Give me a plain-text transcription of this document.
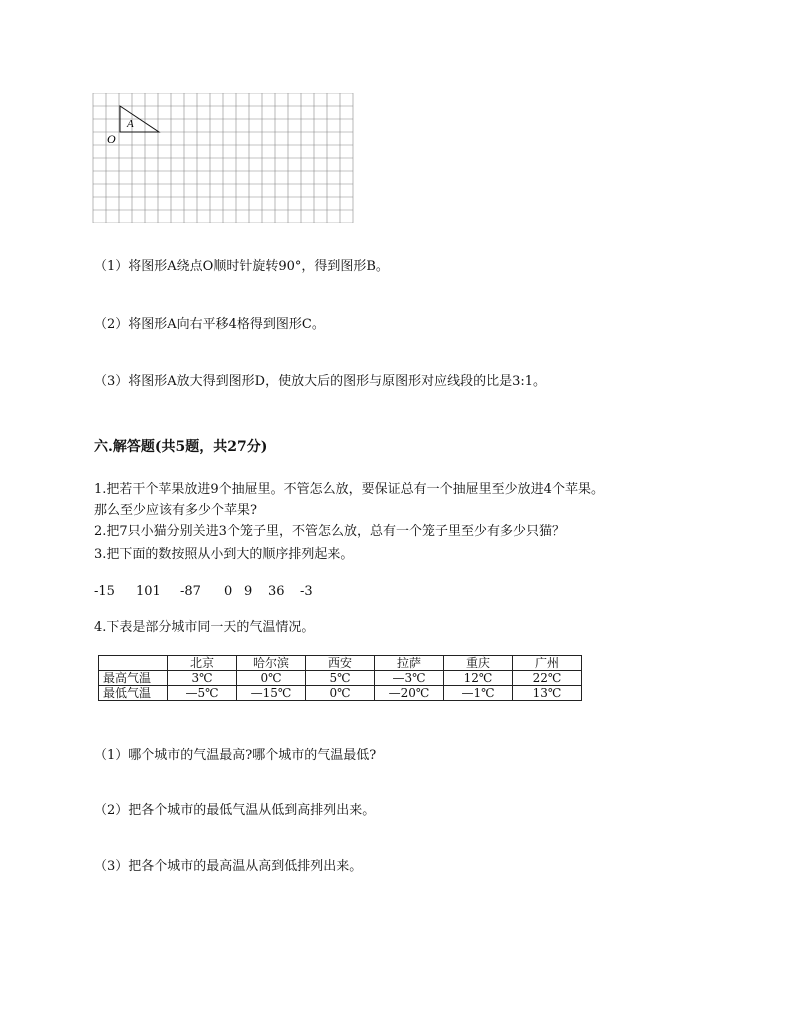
A
O
（1）将图形A绕点O顺时针旋转90°，得到图形B。
（2）将图形A向右平移4格得到图形C。
（3）将图形A放大得到图形D，使放大后的图形与原图形对应线段的比是3:1。
六.解答题(共5题，共27分)
1.把若干个苹果放进9个抽屉里。不管怎么放，要保证总有一个抽屉里至少放进4个苹果。
那么至少应该有多少个苹果?
2.把7只小猫分别关进3个笼子里，不管怎么放，总有一个笼子里至少有多少只猫？
3.把下面的数按照从小到大的顺序排列起来。
-15 101 -87 0 9 36 -3
4.下表是部分城市同一天的气温情况。
	北京	哈尔滨	西安	拉萨	重庆	广州
最高气温	3℃	0℃	5℃	—3℃	12℃	22℃
最低气温	—5℃	—15℃	0℃	—20℃	—1℃	13℃
（1）哪个城市的气温最高?哪个城市的气温最低?
（2）把各个城市的最低气温从低到高排列出来。
（3）把各个城市的最高温从高到低排列出来。
